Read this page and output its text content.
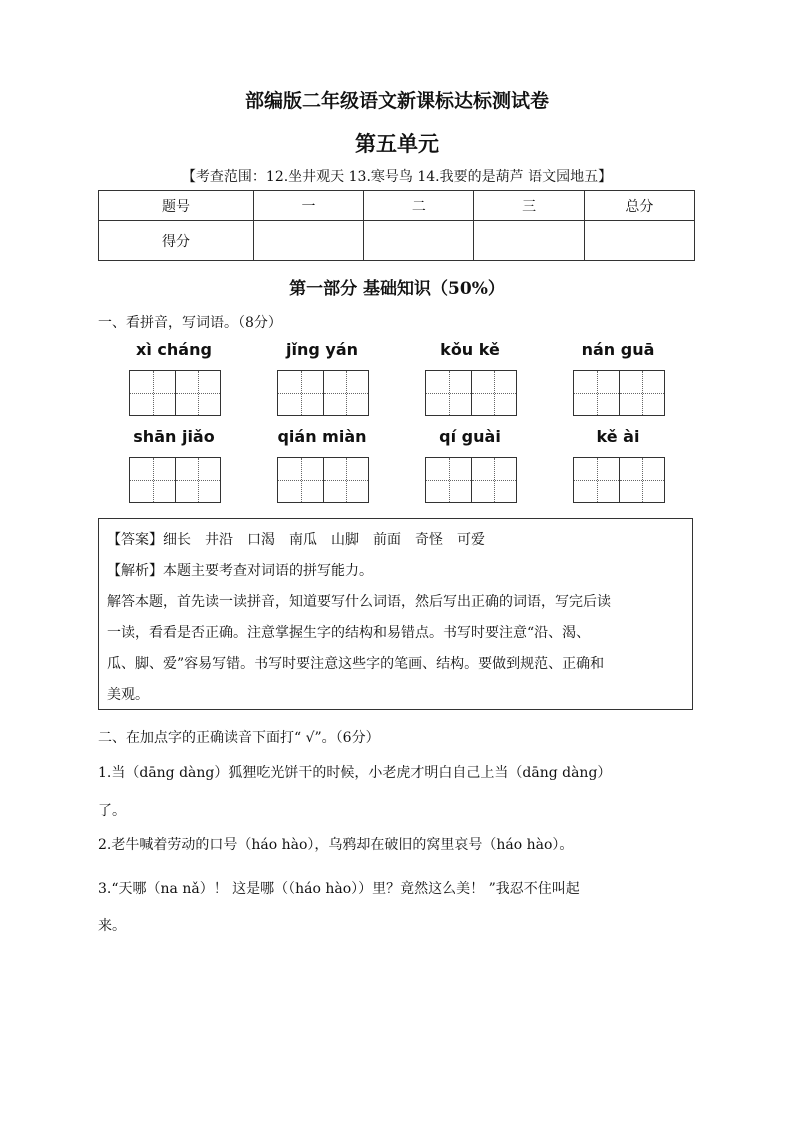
部编版二年级语文新课标达标测试卷
第五单元
【考查范围：12.坐井观天 13.寒号鸟 14.我要的是葫芦 语文园地五】
题号	一	二	三	总分
得分				
第一部分 基础知识（50%）
一、看拼音，写词语。（8分）
xì cháng	jǐng yán	kǒu kě	nán guā
shān jiǎo	qián miàn	qí guài	kě ài

【答案】细长 井沿 口渴 南瓜 山脚 前面 奇怪 可爱

【解析】本题主要考查对词语的拼写能力。

解答本题，首先读一读拼音，知道要写什么词语，然后写出正确的词语，写完后读

一读，看看是否正确。注意掌握生字的结构和易错点。书写时要注意“沿、渴、

瓜、脚、爱”容易写错。书写时要注意这些字的笔画、结构。要做到规范、正确和

美观。

二、在加点字的正确读音下面打“ √”。（6分）
1.当（dāng dàng）狐狸吃光饼干的时候，小老虎才明白自己上当（dāng dàng）
了。
2.老牛喊着劳动的口号（háo hào），乌鸦却在破旧的窝里哀号（háo hào）。
3.“天哪（na nǎ）！ 这是哪（（háo hào））里？竟然这么美！ ”我忍不住叫起
来。
